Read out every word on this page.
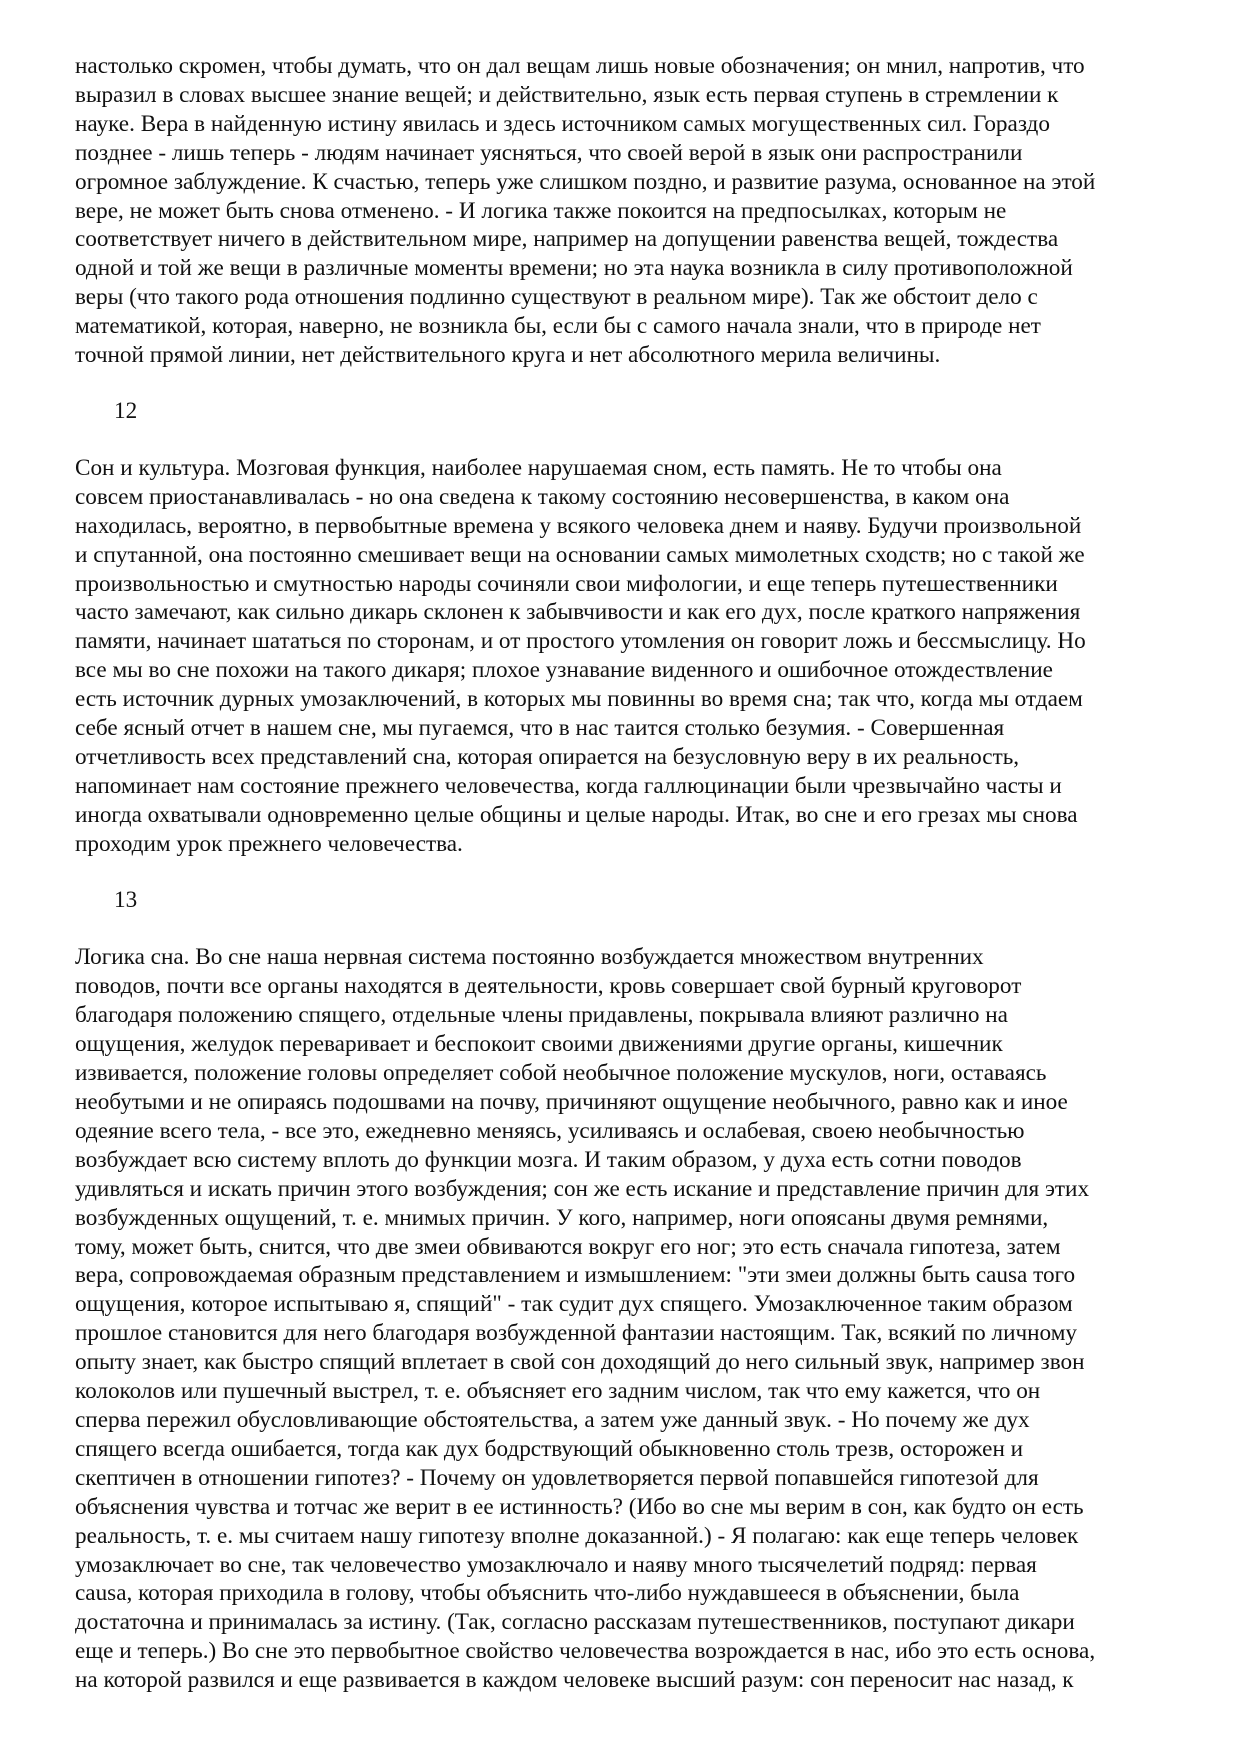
настолько скромен, чтобы думать, что он дал вещам лишь новые обозначения; он мнил, напротив, что
выразил в словах высшее знание вещей; и действительно, язык есть первая ступень в стремлении к
науке. Вера в найденную истину явилась и здесь источником самых могущественных сил. Гораздо
позднее - лишь теперь - людям начинает уясняться, что своей верой в язык они распространили
огромное заблуждение. К счастью, теперь уже слишком поздно, и развитие разума, основанное на этой
вере, не может быть снова отменено. - И логика также покоится на предпосылках, которым не
соответствует ничего в действительном мире, например на допущении равенства вещей, тождества
одной и той же вещи в различные моменты времени; но эта наука возникла в силу противоположной
веры (что такого рода отношения подлинно существуют в реальном мире). Так же обстоит дело с
математикой, которая, наверно, не возникла бы, если бы с самого начала знали, что в природе нет
точной прямой линии, нет действительного круга и нет абсолютного мерила величины.

12

Сон и культура. Мозговая функция, наиболее нарушаемая сном, есть память. Не то чтобы она
совсем приостанавливалась - но она сведена к такому состоянию несовершенства, в каком она
находилась, вероятно, в первобытные времена у всякого человека днем и наяву. Будучи произвольной
и спутанной, она постоянно смешивает вещи на основании самых мимолетных сходств; но с такой же
произвольностью и смутностью народы сочиняли свои мифологии, и еще теперь путешественники
часто замечают, как сильно дикарь склонен к забывчивости и как его дух, после краткого напряжения
памяти, начинает шататься по сторонам, и от простого утомления он говорит ложь и бессмыслицу. Но
все мы во сне похожи на такого дикаря; плохое узнавание виденного и ошибочное отождествление
есть источник дурных умозаключений, в которых мы повинны во время сна; так что, когда мы отдаем
себе ясный отчет в нашем сне, мы пугаемся, что в нас таится столько безумия. - Совершенная
отчетливость всех представлений сна, которая опирается на безусловную веру в их реальность,
напоминает нам состояние прежнего человечества, когда галлюцинации были чрезвычайно часты и
иногда охватывали одновременно целые общины и целые народы. Итак, во сне и его грезах мы снова
проходим урок прежнего человечества.

13

Логика сна. Во сне наша нервная система постоянно возбуждается множеством внутренних
поводов, почти все органы находятся в деятельности, кровь совершает свой бурный круговорот
благодаря положению спящего, отдельные члены придавлены, покрывала влияют различно на
ощущения, желудок переваривает и беспокоит своими движениями другие органы, кишечник
извивается, положение головы определяет собой необычное положение мускулов, ноги, оставаясь
необутыми и не опираясь подошвами на почву, причиняют ощущение необычного, равно как и иное
одеяние всего тела, - все это, ежедневно меняясь, усиливаясь и ослабевая, своею необычностью
возбуждает всю систему вплоть до функции мозга. И таким образом, у духа есть сотни поводов
удивляться и искать причин этого возбуждения; сон же есть искание и представление причин для этих
возбужденных ощущений, т. е. мнимых причин. У кого, например, ноги опоясаны двумя ремнями,
тому, может быть, снится, что две змеи обвиваются вокруг его ног; это есть сначала гипотеза, затем
вера, сопровождаемая образным представлением и измышлением: "эти змеи должны быть causa того
ощущения, которое испытываю я, спящий" - так судит дух спящего. Умозаключенное таким образом
прошлое становится для него благодаря возбужденной фантазии настоящим. Так, всякий по личному
опыту знает, как быстро спящий вплетает в свой сон доходящий до него сильный звук, например звон
колоколов или пушечный выстрел, т. е. объясняет его задним числом, так что ему кажется, что он
сперва пережил обусловливающие обстоятельства, а затем уже данный звук. - Но почему же дух
спящего всегда ошибается, тогда как дух бодрствующий обыкновенно столь трезв, осторожен и
скептичен в отношении гипотез? - Почему он удовлетворяется первой попавшейся гипотезой для
объяснения чувства и тотчас же верит в ее истинность? (Ибо во сне мы верим в сон, как будто он есть
реальность, т. е. мы считаем нашу гипотезу вполне доказанной.) - Я полагаю: как еще теперь человек
умозаключает во сне, так человечество умозаключало и наяву много тысячелетий подряд: первая
causa, которая приходила в голову, чтобы объяснить что-либо нуждавшееся в объяснении, была
достаточна и принималась за истину. (Так, согласно рассказам путешественников, поступают дикари
еще и теперь.) Во сне это первобытное свойство человечества возрождается в нас, ибо это есть основа,
на которой развился и еще развивается в каждом человеке высший разум: сон переносит нас назад, к
